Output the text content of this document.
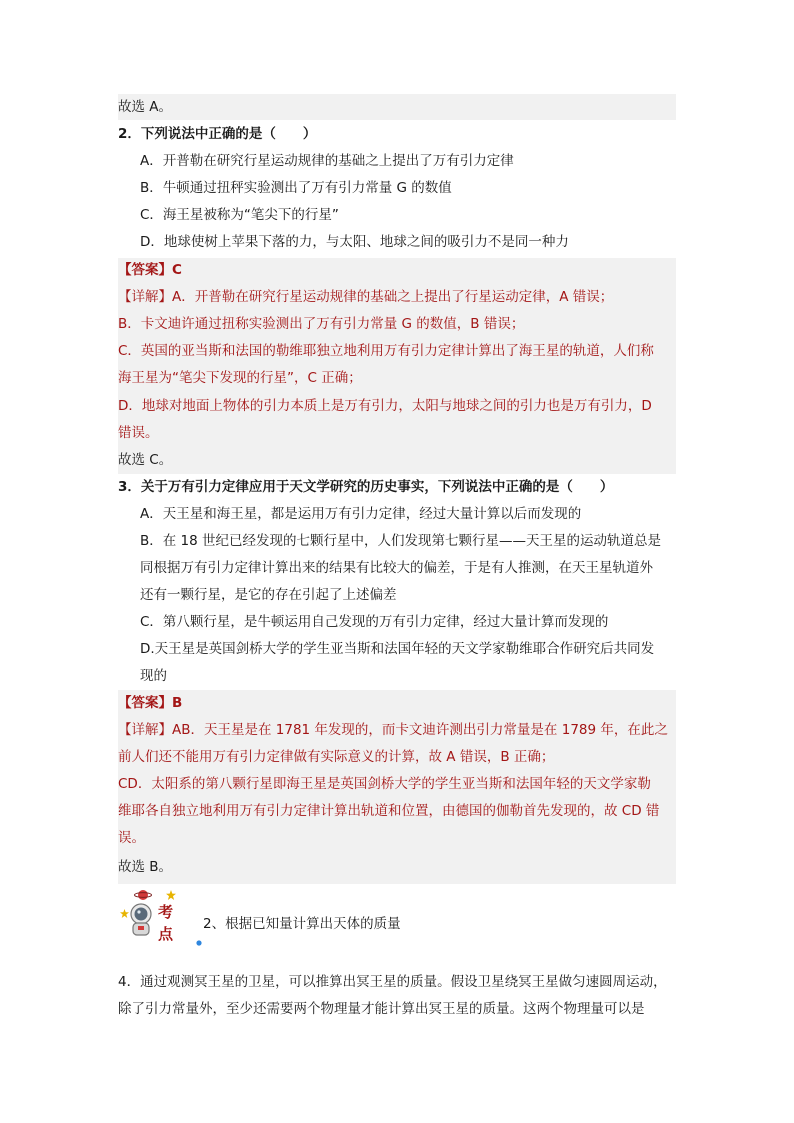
故选 A。
2．下列说法中正确的是（　　）
A．开普勒在研究行星运动规律的基础之上提出了万有引力定律
B．牛顿通过扭秤实验测出了万有引力常量 G 的数值
C．海王星被称为“笔尖下的行星”
D．地球使树上苹果下落的力，与太阳、地球之间的吸引力不是同一种力
【答案】C
【详解】A．开普勒在研究行星运动规律的基础之上提出了行星运动定律，A 错误；
B．卡文迪许通过扭称实验测出了万有引力常量 G 的数值，B 错误；
C．英国的亚当斯和法国的勒维耶独立地利用万有引力定律计算出了海王星的轨道，人们称
海王星为“笔尖下发现的行星”，C 正确；
D．地球对地面上物体的引力本质上是万有引力，太阳与地球之间的引力也是万有引力，D
错误。
故选 C。
3．关于万有引力定律应用于天文学研究的历史事实，下列说法中正确的是（　　）
A．天王星和海王星，都是运用万有引力定律，经过大量计算以后而发现的
B．在 18 世纪已经发现的七颗行星中，人们发现第七颗行星——天王星的运动轨道总是
同根据万有引力定律计算出来的结果有比较大的偏差，于是有人推测，在天王星轨道外
还有一颗行星，是它的存在引起了上述偏差
C．第八颗行星，是牛顿运用自己发现的万有引力定律，经过大量计算而发现的
D.天王星是英国剑桥大学的学生亚当斯和法国年轻的天文学家勒维耶合作研究后共同发
现的
【答案】B
【详解】AB．天王星是在 1781 年发现的，而卡文迪许测出引力常量是在 1789 年，在此之
前人们还不能用万有引力定律做有实际意义的计算，故 A 错误，B 正确；
CD．太阳系的第八颗行星即海王星是英国剑桥大学的学生亚当斯和法国年轻的天文学家勒
维耶各自独立地利用万有引力定律计算出轨道和位置，由德国的伽勒首先发现的，故 CD 错
误。
故选 B。
考
点
2、根据已知量计算出天体的质量
4．通过观测冥王星的卫星，可以推算出冥王星的质量。假设卫星绕冥王星做匀速圆周运动，
除了引力常量外，至少还需要两个物理量才能计算出冥王星的质量。这两个物理量可以是
